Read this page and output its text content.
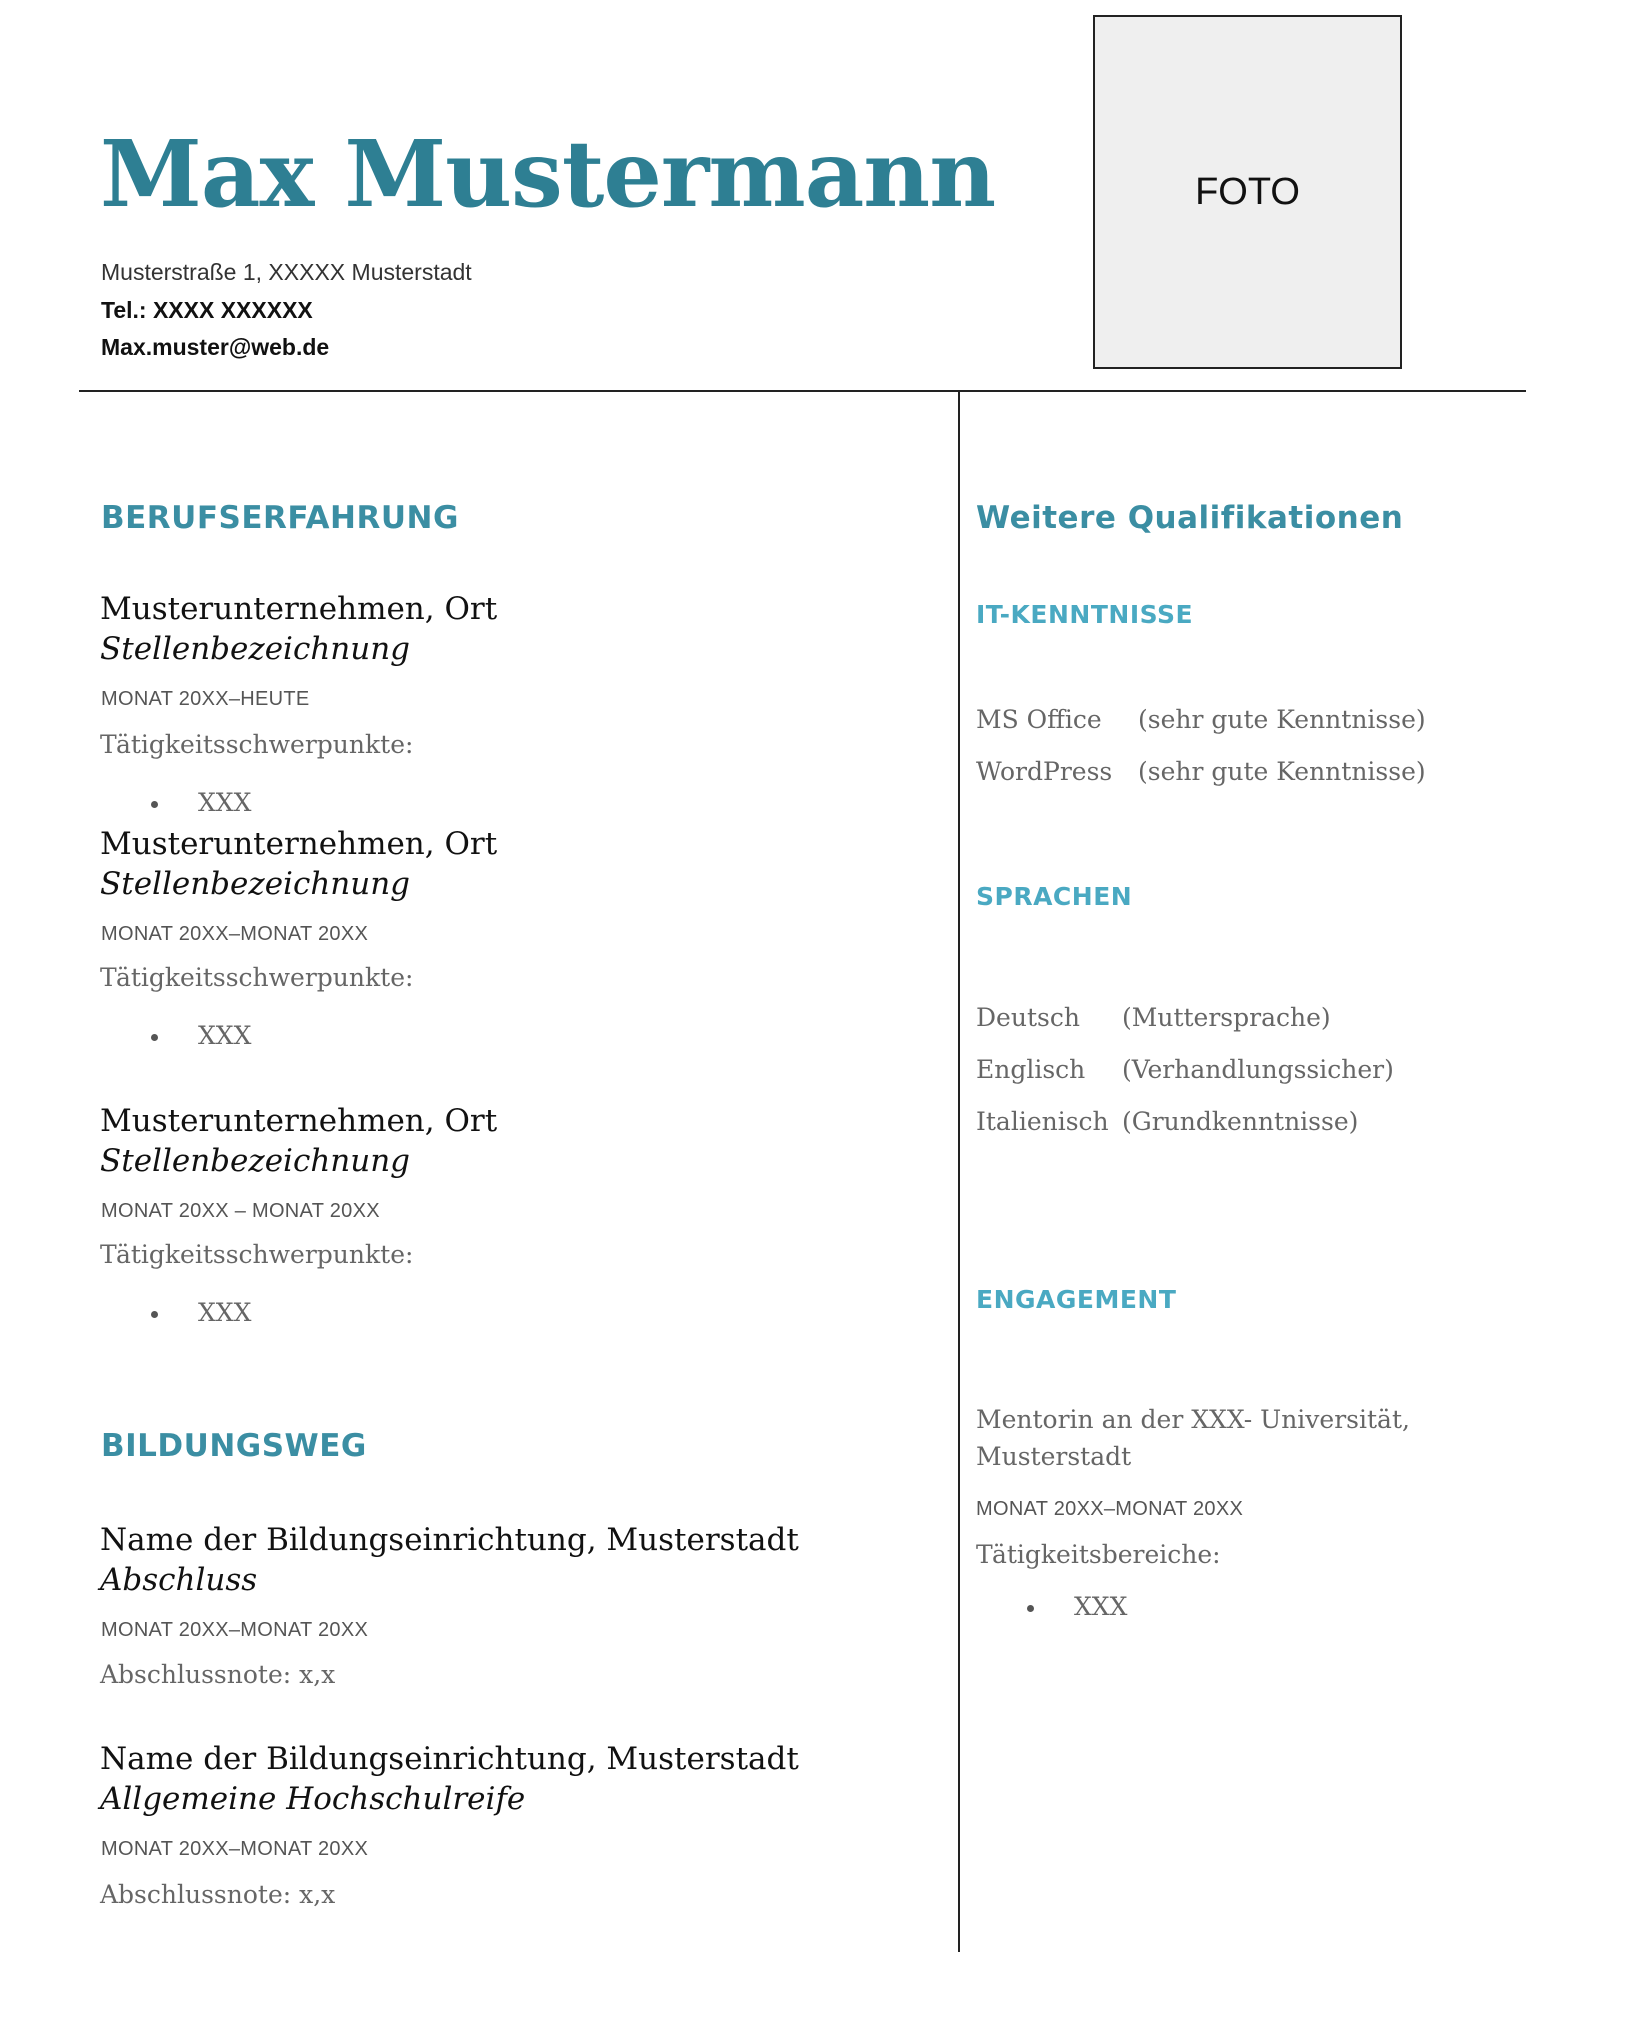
Max Mustermann
Musterstraße 1, XXXXX Musterstadt
Tel.: XXXX XXXXXX
Max.muster@web.de
FOTO
BERUFSERFAHRUNG
Musterunternehmen, Ort
Stellenbezeichnung
MONAT 20XX–HEUTE
Tätigkeitsschwerpunkte:
XXX
Musterunternehmen, Ort
Stellenbezeichnung
MONAT 20XX–MONAT 20XX
Tätigkeitsschwerpunkte:
XXX
Musterunternehmen, Ort
Stellenbezeichnung
MONAT 20XX – MONAT 20XX
Tätigkeitsschwerpunkte:
XXX
BILDUNGSWEG
Name der Bildungseinrichtung, Musterstadt
Abschluss
MONAT 20XX–MONAT 20XX
Abschlussnote: x,x
Name der Bildungseinrichtung, Musterstadt
Allgemeine Hochschulreife
MONAT 20XX–MONAT 20XX
Abschlussnote: x,x
Weitere Qualifikationen
IT-KENNTNISSE
MS Office (sehr gute Kenntnisse)
WordPress (sehr gute Kenntnisse)
SPRACHEN
Deutsch (Muttersprache)
Englisch (Verhandlungssicher)
Italienisch (Grundkenntnisse)
ENGAGEMENT
Mentorin an der XXX- Universität,
Musterstadt
MONAT 20XX–MONAT 20XX
Tätigkeitsbereiche:
XXX
